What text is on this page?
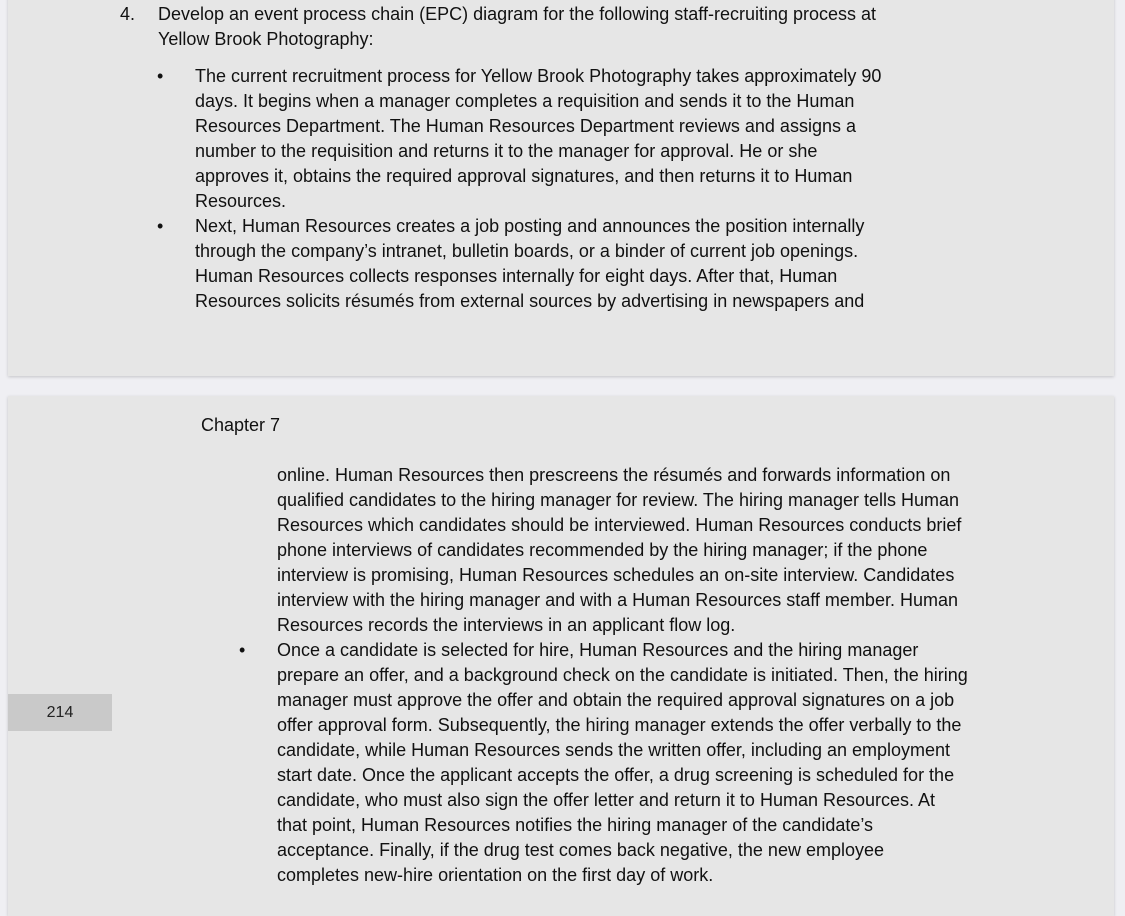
4. Develop an event process chain (EPC) diagram for the following staff-recruiting process at
Yellow Brook Photography:
• The current recruitment process for Yellow Brook Photography takes approximately 90
days. It begins when a manager completes a requisition and sends it to the Human
Resources Department. The Human Resources Department reviews and assigns a
number to the requisition and returns it to the manager for approval. He or she
approves it, obtains the required approval signatures, and then returns it to Human
Resources.
• Next, Human Resources creates a job posting and announces the position internally
through the company’s intranet, bulletin boards, or a binder of current job openings.
Human Resources collects responses internally for eight days. After that, Human
Resources solicits résumés from external sources by advertising in newspapers and
Chapter 7
online. Human Resources then prescreens the résumés and forwards information on
qualified candidates to the hiring manager for review. The hiring manager tells Human
Resources which candidates should be interviewed. Human Resources conducts brief
phone interviews of candidates recommended by the hiring manager; if the phone
interview is promising, Human Resources schedules an on-site interview. Candidates
interview with the hiring manager and with a Human Resources staff member. Human
Resources records the interviews in an applicant flow log.
• Once a candidate is selected for hire, Human Resources and the hiring manager
prepare an offer, and a background check on the candidate is initiated. Then, the hiring
manager must approve the offer and obtain the required approval signatures on a job
offer approval form. Subsequently, the hiring manager extends the offer verbally to the
candidate, while Human Resources sends the written offer, including an employment
start date. Once the applicant accepts the offer, a drug screening is scheduled for the
candidate, who must also sign the offer letter and return it to Human Resources. At
that point, Human Resources notifies the hiring manager of the candidate’s
acceptance. Finally, if the drug test comes back negative, the new employee
completes new-hire orientation on the first day of work.
214
